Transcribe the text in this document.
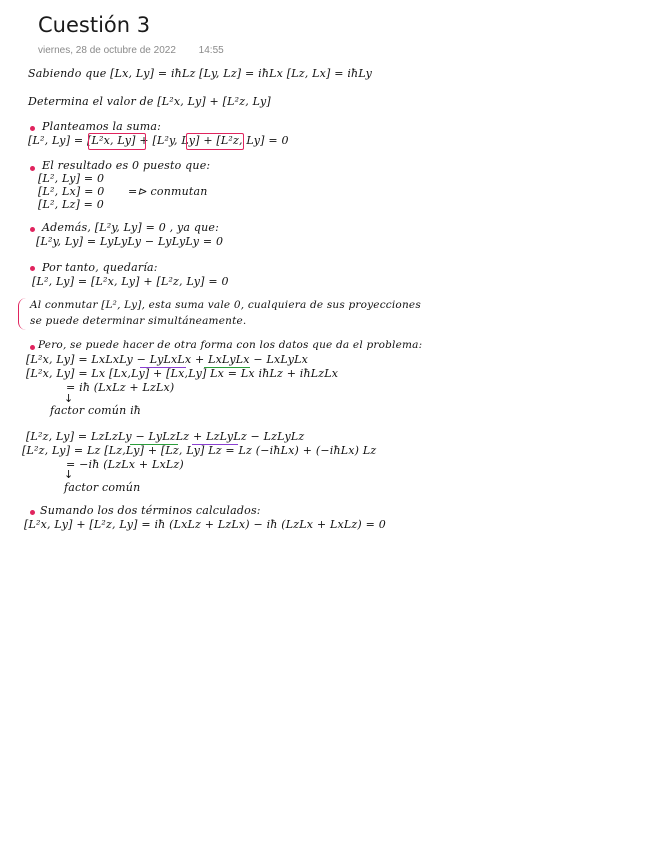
Cuestión 3
viernes, 28 de octubre de 2022 14:55
Sabiendo que [Lx, Ly] = iħLz [Ly, Lz] = iħLx [Lz, Lx] = iħLy
Determina el valor de [L²x, Ly] + [L²z, Ly]
Planteamos la suma:
[L², Ly] = [L²x, Ly] + [L²y, Ly] + [L²z, Ly] = 0
El resultado es 0 puesto que:
[L², Ly] = 0
[L², Lx] = 0 =⊳ conmutan
[L², Lz] = 0
Además, [L²y, Ly] = 0 , ya que:
[L²y, Ly] = LyLyLy − LyLyLy = 0
Por tanto, quedaría:
[L², Ly] = [L²x, Ly] + [L²z, Ly] = 0
Al conmutar [L², Ly], esta suma vale 0, cualquiera de sus proyecciones
se puede determinar simultáneamente.
Pero, se puede hacer de otra forma con los datos que da el problema:
[L²x, Ly] = LxLxLy − LyLxLx + LxLyLx − LxLyLx
[L²x, Ly] = Lx [Lx,Ly] + [Lx,Ly] Lx = Lx iħLz + iħLzLx
= iħ (LxLz + LzLx)
↓
factor común iħ
[L²z, Ly] = LzLzLy − LyLzLz + LzLyLz − LzLyLz
[L²z, Ly] = Lz [Lz,Ly] + [Lz, Ly] Lz = Lz (−iħLx) + (−iħLx) Lz
= −iħ (LzLx + LxLz)
↓
factor común
Sumando los dos términos calculados:
[L²x, Ly] + [L²z, Ly] = iħ (LxLz + LzLx) − iħ (LzLx + LxLz) = 0
